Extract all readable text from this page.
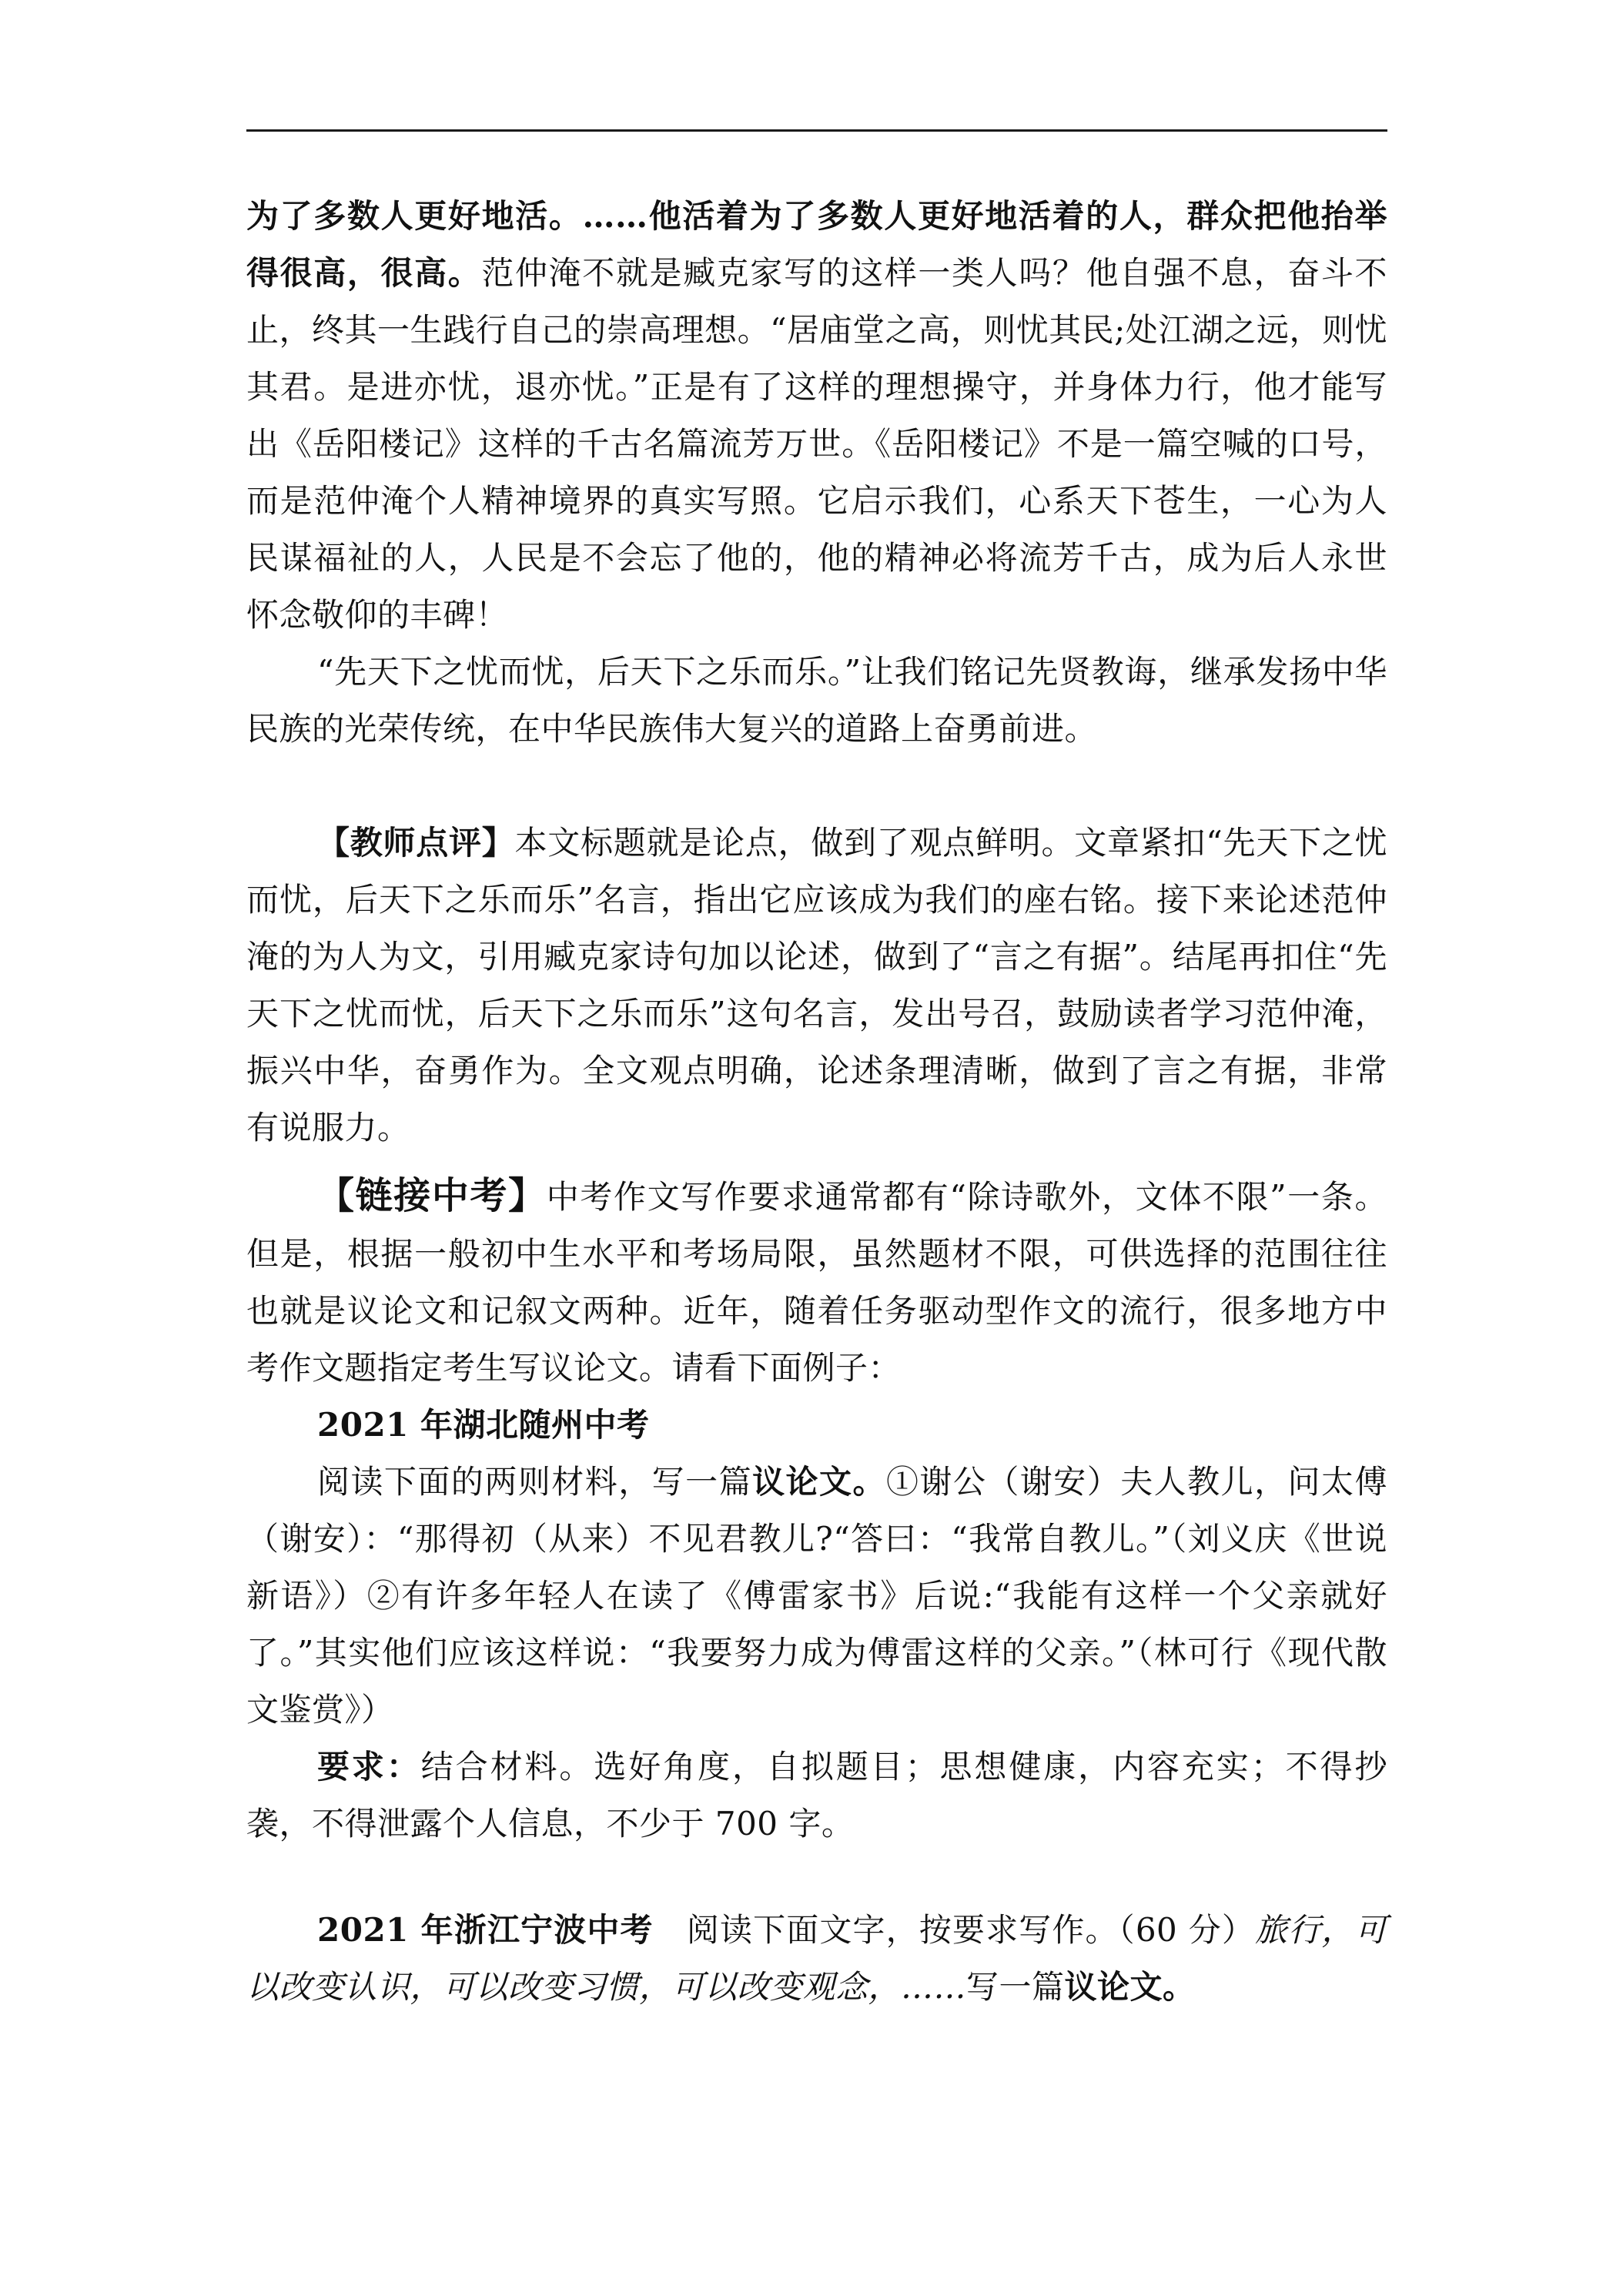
为了多数人更好地活。……他活着为了多数人更好地活着的人，群众把他抬举得很高，很高。范仲淹不就是臧克家写的这样一类人吗？他自强不息，奋斗不止，终其一生践行自己的崇高理想。“居庙堂之高，则忧其民;处江湖之远，则忧其君。是进亦忧，退亦忧。”正是有了这样的理想操守，并身体力行，他才能写出《岳阳楼记》这样的千古名篇流芳万世。《岳阳楼记》不是一篇空喊的口号，而是范仲淹个人精神境界的真实写照。它启示我们，心系天下苍生，一心为人民谋福祉的人，人民是不会忘了他的，他的精神必将流芳千古，成为后人永世怀念敬仰的丰碑！

“先天下之忧而忧，后天下之乐而乐。”让我们铭记先贤教诲，继承发扬中华民族的光荣传统，在中华民族伟大复兴的道路上奋勇前进。

【教师点评】本文标题就是论点，做到了观点鲜明。文章紧扣“先天下之忧而忧，后天下之乐而乐”名言，指出它应该成为我们的座右铭。接下来论述范仲淹的为人为文，引用臧克家诗句加以论述，做到了“言之有据”。结尾再扣住“先天下之忧而忧，后天下之乐而乐”这句名言，发出号召，鼓励读者学习范仲淹，振兴中华，奋勇作为。全文观点明确，论述条理清晰，做到了言之有据，非常有说服力。

【链接中考】中考作文写作要求通常都有“除诗歌外，文体不限”一条。但是，根据一般初中生水平和考场局限，虽然题材不限，可供选择的范围往往也就是议论文和记叙文两种。近年，随着任务驱动型作文的流行，很多地方中考作文题指定考生写议论文。请看下面例子：

2021 年湖北随州中考

阅读下面的两则材料，写一篇议论文。①谢公（谢安）夫人教儿，问太傅（谢安）：“那得初（从来）不见君教儿?“答曰：“我常自教儿。”（刘义庆《世说新语》）②有许多年轻人在读了《傅雷家书》后说:“我能有这样一个父亲就好了。”其实他们应该这样说：“我要努力成为傅雷这样的父亲。”（林可行《现代散文鉴赏》）

要求：结合材料。选好角度，自拟题目；思想健康，内容充实；不得抄袭，不得泄露个人信息，不少于 700 字。

2021 年浙江宁波中考　阅读下面文字，按要求写作。（60 分）旅行，可以改变认识，可以改变习惯，可以改变观念，……写一篇议论文。
